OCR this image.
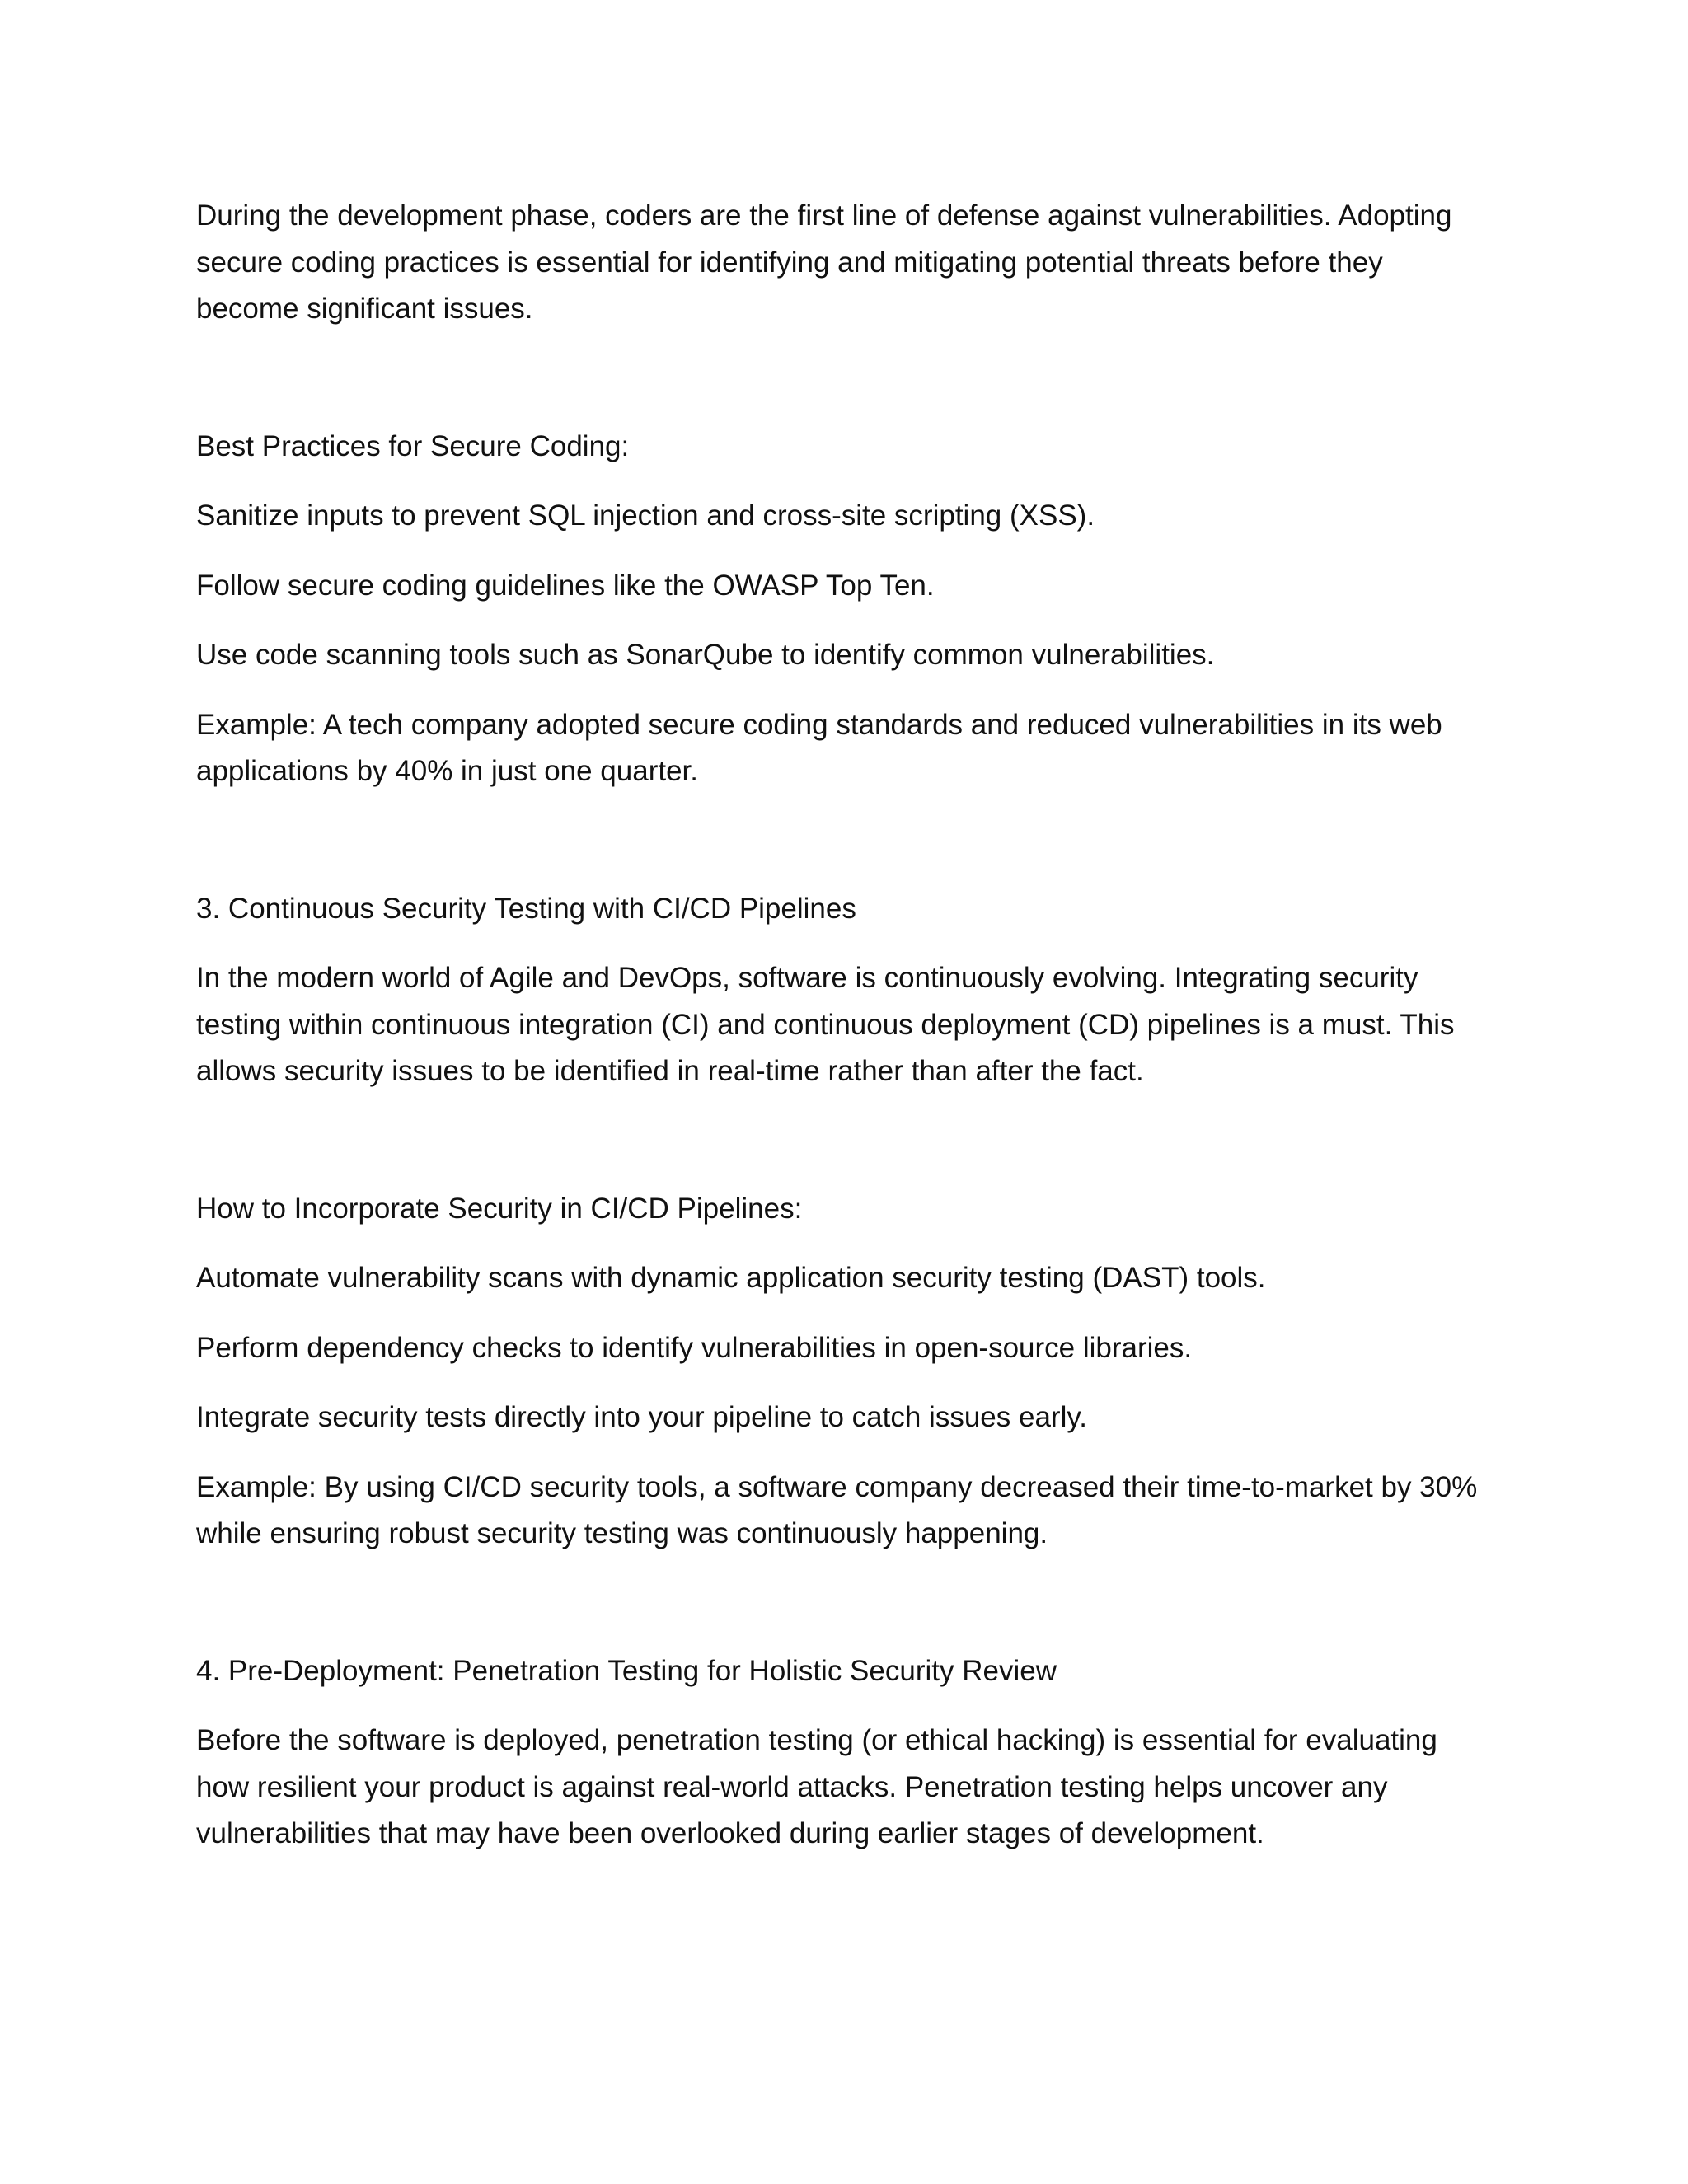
During the development phase, coders are the first line of defense against vulnerabilities. Adopting secure coding practices is essential for identifying and mitigating potential threats before they become significant issues.

Best Practices for Secure Coding:

Sanitize inputs to prevent SQL injection and cross-site scripting (XSS).

Follow secure coding guidelines like the OWASP Top Ten.

Use code scanning tools such as SonarQube to identify common vulnerabilities.

Example: A tech company adopted secure coding standards and reduced vulnerabilities in its web applications by 40% in just one quarter.

3. Continuous Security Testing with CI/CD Pipelines

In the modern world of Agile and DevOps, software is continuously evolving. Integrating security testing within continuous integration (CI) and continuous deployment (CD) pipelines is a must. This allows security issues to be identified in real-time rather than after the fact.

How to Incorporate Security in CI/CD Pipelines:

Automate vulnerability scans with dynamic application security testing (DAST) tools.

Perform dependency checks to identify vulnerabilities in open-source libraries.

Integrate security tests directly into your pipeline to catch issues early.

Example: By using CI/CD security tools, a software company decreased their time-to-market by 30% while ensuring robust security testing was continuously happening.

4. Pre-Deployment: Penetration Testing for Holistic Security Review

Before the software is deployed, penetration testing (or ethical hacking) is essential for evaluating how resilient your product is against real-world attacks. Penetration testing helps uncover any vulnerabilities that may have been overlooked during earlier stages of development.
